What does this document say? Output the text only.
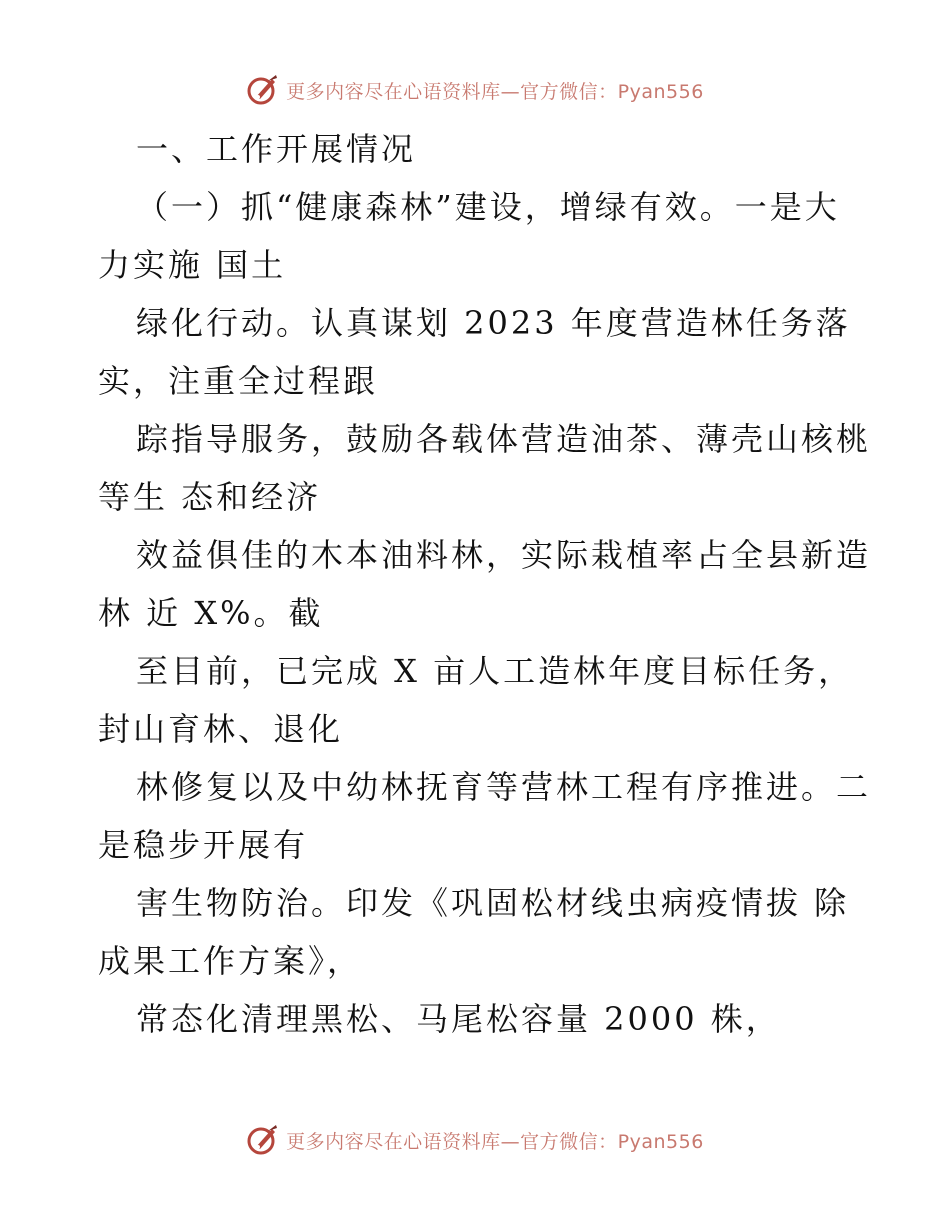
更多内容尽在心语资料库—官方微信：Pyan556
一、工作开展情况
（一）抓“健康森林”建设，增绿有效。一是大
力实施 国土
绿化行动。认真谋划 2023 年度营造林任务落
实，注重全过程跟
踪指导服务，鼓励各载体营造油茶、薄壳山核桃
等生 态和经济
效益俱佳的木本油料林，实际栽植率占全县新造
林 近 X%。截
至目前，已完成 X 亩人工造林年度目标任务，
封山育林、退化
林修复以及中幼林抚育等营林工程有序推进。二
是稳步开展有
害生物防治。印发《巩固松材线虫病疫情拔 除
成果工作方案》，
常态化清理黑松、马尾松容量 2000 株，
更多内容尽在心语资料库—官方微信：Pyan556
